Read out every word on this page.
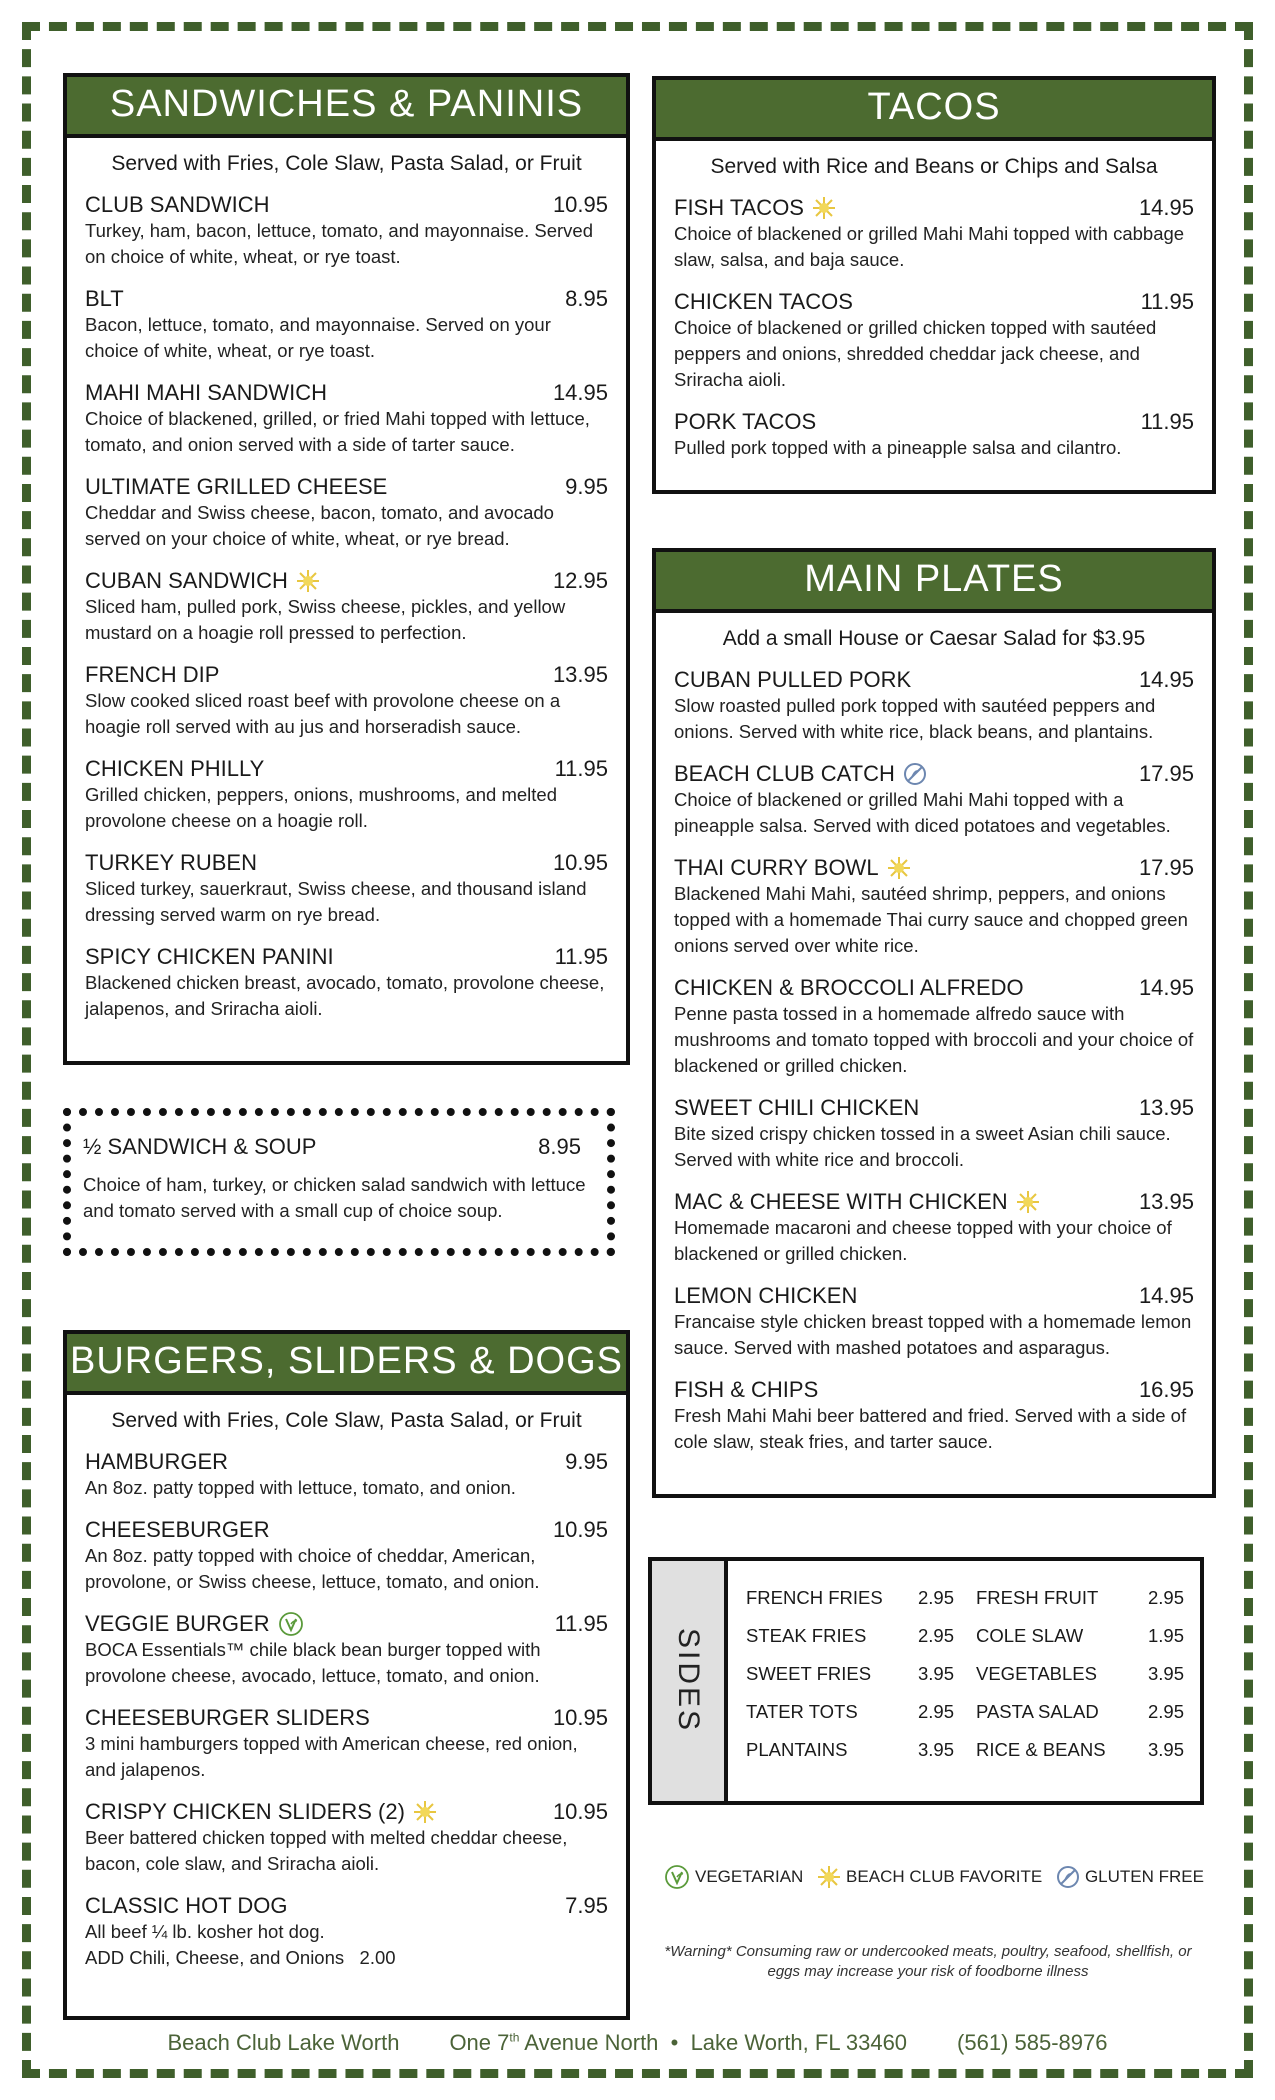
SANDWICHES & PANINIS
Served with Fries, Cole Slaw, Pasta Salad, or Fruit
CLUB SANDWICH	10.95
Turkey, ham, bacon, lettuce, tomato, and mayonnaise. Served on choice of white, wheat, or rye toast.
BLT	8.95
Bacon, lettuce, tomato, and mayonnaise. Served on your choice of white, wheat, or rye toast.
MAHI MAHI SANDWICH	14.95
Choice of blackened, grilled, or fried Mahi topped with lettuce, tomato, and onion served with a side of tarter sauce.
ULTIMATE GRILLED CHEESE	9.95
Cheddar and Swiss cheese, bacon, tomato, and avocado served on your choice of white, wheat, or rye bread.
CUBAN SANDWICH	12.95
Sliced ham, pulled pork, Swiss cheese, pickles, and yellow mustard on a hoagie roll pressed to perfection.
FRENCH DIP	13.95
Slow cooked sliced roast beef with provolone cheese on a hoagie roll served with au jus and horseradish sauce.
CHICKEN PHILLY	11.95
Grilled chicken, peppers, onions, mushrooms, and melted provolone cheese on a hoagie roll.
TURKEY RUBEN	10.95
Sliced turkey, sauerkraut, Swiss cheese, and thousand island dressing served warm on rye bread.
SPICY CHICKEN PANINI	11.95
Blackened chicken breast, avocado, tomato, provolone cheese, jalapenos, and Sriracha aioli.
½ SANDWICH & SOUP	8.95
Choice of ham, turkey, or chicken salad sandwich with lettuce and tomato served with a small cup of choice soup.
BURGERS, SLIDERS & DOGS
Served with Fries, Cole Slaw, Pasta Salad, or Fruit
HAMBURGER	9.95
An 8oz. patty topped with lettuce, tomato, and onion.
CHEESEBURGER	10.95
An 8oz. patty topped with choice of cheddar, American, provolone, or Swiss cheese, lettuce, tomato, and onion.
VEGGIE BURGER	11.95
BOCA Essentials™ chile black bean burger topped with provolone cheese, avocado, lettuce, tomato, and onion.
CHEESEBURGER SLIDERS	10.95
3 mini hamburgers topped with American cheese, red onion, and jalapenos.
CRISPY CHICKEN SLIDERS (2)	10.95
Beer battered chicken topped with melted cheddar cheese, bacon, cole slaw, and Sriracha aioli.
CLASSIC HOT DOG	7.95
All beef ¼ lb. kosher hot dog.
ADD Chili, Cheese, and Onions   2.00
TACOS
Served with Rice and Beans or Chips and Salsa
FISH TACOS	14.95
Choice of blackened or grilled Mahi Mahi topped with cabbage slaw, salsa, and baja sauce.
CHICKEN TACOS	11.95
Choice of blackened or grilled chicken topped with sautéed peppers and onions, shredded cheddar jack cheese, and Sriracha aioli.
PORK TACOS	11.95
Pulled pork topped with a pineapple salsa and cilantro.
MAIN PLATES
Add a small House or Caesar Salad for $3.95
CUBAN PULLED PORK	14.95
Slow roasted pulled pork topped with sautéed peppers and onions. Served with white rice, black beans, and plantains.
BEACH CLUB CATCH	17.95
Choice of blackened or grilled Mahi Mahi topped with a pineapple salsa. Served with diced potatoes and vegetables.
THAI CURRY BOWL	17.95
Blackened Mahi Mahi, sautéed shrimp, peppers, and onions topped with a homemade Thai curry sauce and chopped green onions served over white rice.
CHICKEN & BROCCOLI ALFREDO	14.95
Penne pasta tossed in a homemade alfredo sauce with mushrooms and tomato topped with broccoli and your choice of blackened or grilled chicken.
SWEET CHILI CHICKEN	13.95
Bite sized crispy chicken tossed in a sweet Asian chili sauce. Served with white rice and broccoli.
MAC & CHEESE WITH CHICKEN	13.95
Homemade macaroni and cheese topped with your choice of blackened or grilled chicken.
LEMON CHICKEN	14.95
Francaise style chicken breast topped with a homemade lemon sauce. Served with mashed potatoes and asparagus.
FISH & CHIPS	16.95
Fresh Mahi Mahi beer battered and fried. Served with a side of cole slaw, steak fries, and tarter sauce.
SIDES
FRENCH FRIES 2.95 FRESH FRUIT	2.95
STEAK FRIES	2.95 COLE SLAW	1.95
SWEET FRIES	3.95 VEGETABLES	3.95
TATER TOTS	2.95 PASTA SALAD	2.95
PLANTAINS	3.95 RICE & BEANS 3.95
VEGETARIAN	BEACH CLUB FAVORITE	GLUTEN FREE
*Warning* Consuming raw or undercooked meats, poultry, seafood, shellfish, or eggs may increase your risk of foodborne illness
Beach Club Lake Worth One 7th Avenue North  •  Lake Worth, FL 33460 (561) 585-8976
